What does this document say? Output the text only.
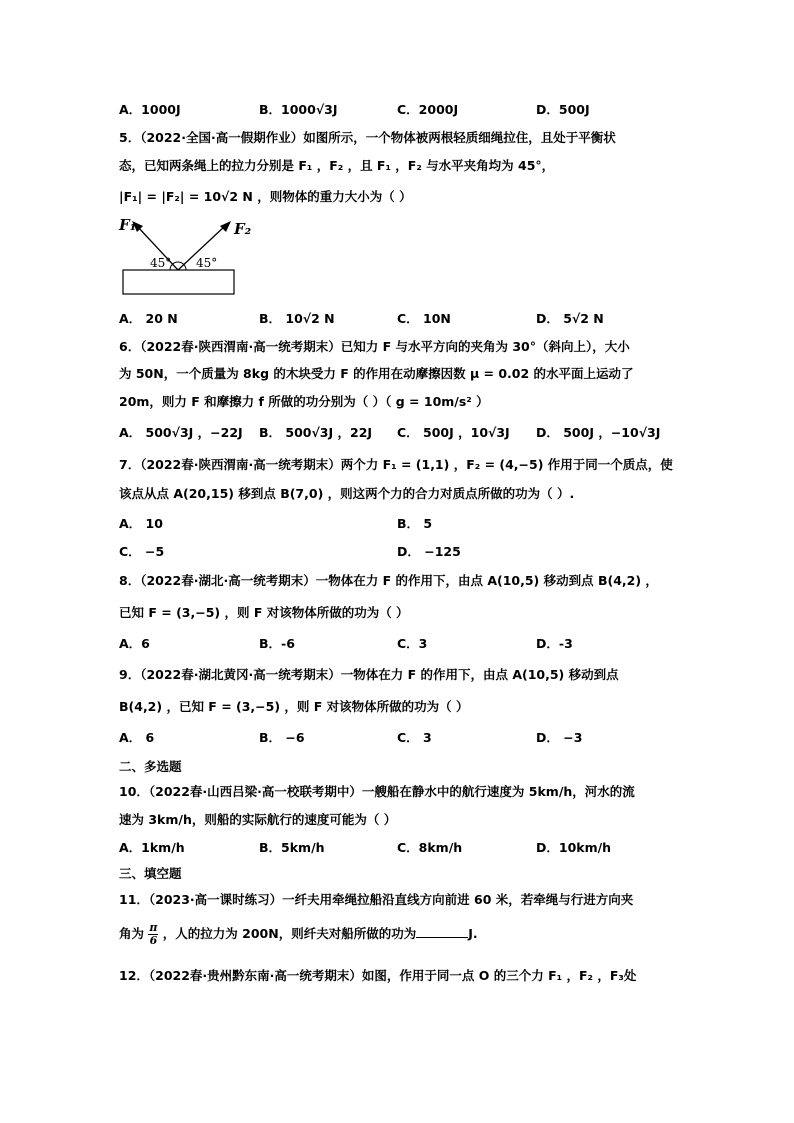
A．1000J	B．1000√3J	C．2000J	D．500J
5．（2022·全国·高一假期作业）如图所示，一个物体被两根轻质细绳拉住，且处于平衡状
态，已知两条绳上的拉力分别是 F₁ ，F₂ ，且 F₁ ，F₂ 与水平夹角均为 45°，
|F₁| = |F₂| = 10√2 N ，则物体的重力大小为（ ）
F₁	F₂
45° 45°
A． 20 N	B． 10√2 N	C． 10N	D． 5√2 N
6．（2022春·陕西渭南·高一统考期末）已知力 F 与水平方向的夹角为 30°（斜向上），大小
为 50N，一个质量为 8kg 的木块受力 F 的作用在动摩擦因数 μ = 0.02 的水平面上运动了
20m，则力 F 和摩擦力 f 所做的功分别为（ ）（ g = 10m/s² ）
A． 500√3J ，−22J B． 500√3J ，22J C． 500J ，10√3J D． 500J ，−10√3J
7．（2022春·陕西渭南·高一统考期末）两个力 F₁ = (1,1) ，F₂ = (4,−5) 作用于同一个质点，使
该点从点 A(20,15) 移到点 B(7,0) ，则这两个力的合力对质点所做的功为（ ）.
A． 10	B． 5
C． −5	D． −125
8．（2022春·湖北·高一统考期末）一物体在力 F 的作用下，由点 A(10,5) 移动到点 B(4,2) ，
已知 F = (3,−5) ，则 F 对该物体所做的功为（ ）
A．6	B．-6	C．3	D．-3
9．（2022春·湖北黄冈·高一统考期末）一物体在力 F 的作用下，由点 A(10,5) 移动到点
B(4,2) ，已知 F = (3,−5) ，则 F 对该物体所做的功为（ ）
A． 6	B． −6	C． 3	D． −3
二、多选题
10．（2022春·山西吕梁·高一校联考期中）一艘船在静水中的航行速度为 5km/h，河水的流
速为 3km/h，则船的实际航行的速度可能为（ ）
A．1km/h	B．5km/h	C．8km/h	D．10km/h
三、填空题
11．（2023·高一课时练习）一纤夫用牵绳拉船沿直线方向前进 60 米，若牵绳与行进方向夹
角为 $\frac{\pi}{6}$ ，人的拉力为 200N，则纤夫对船所做的功为	J.
12．（2022春·贵州黔东南·高一统考期末）如图，作用于同一点 O 的三个力 F₁ ，F₂ ，F₃处
